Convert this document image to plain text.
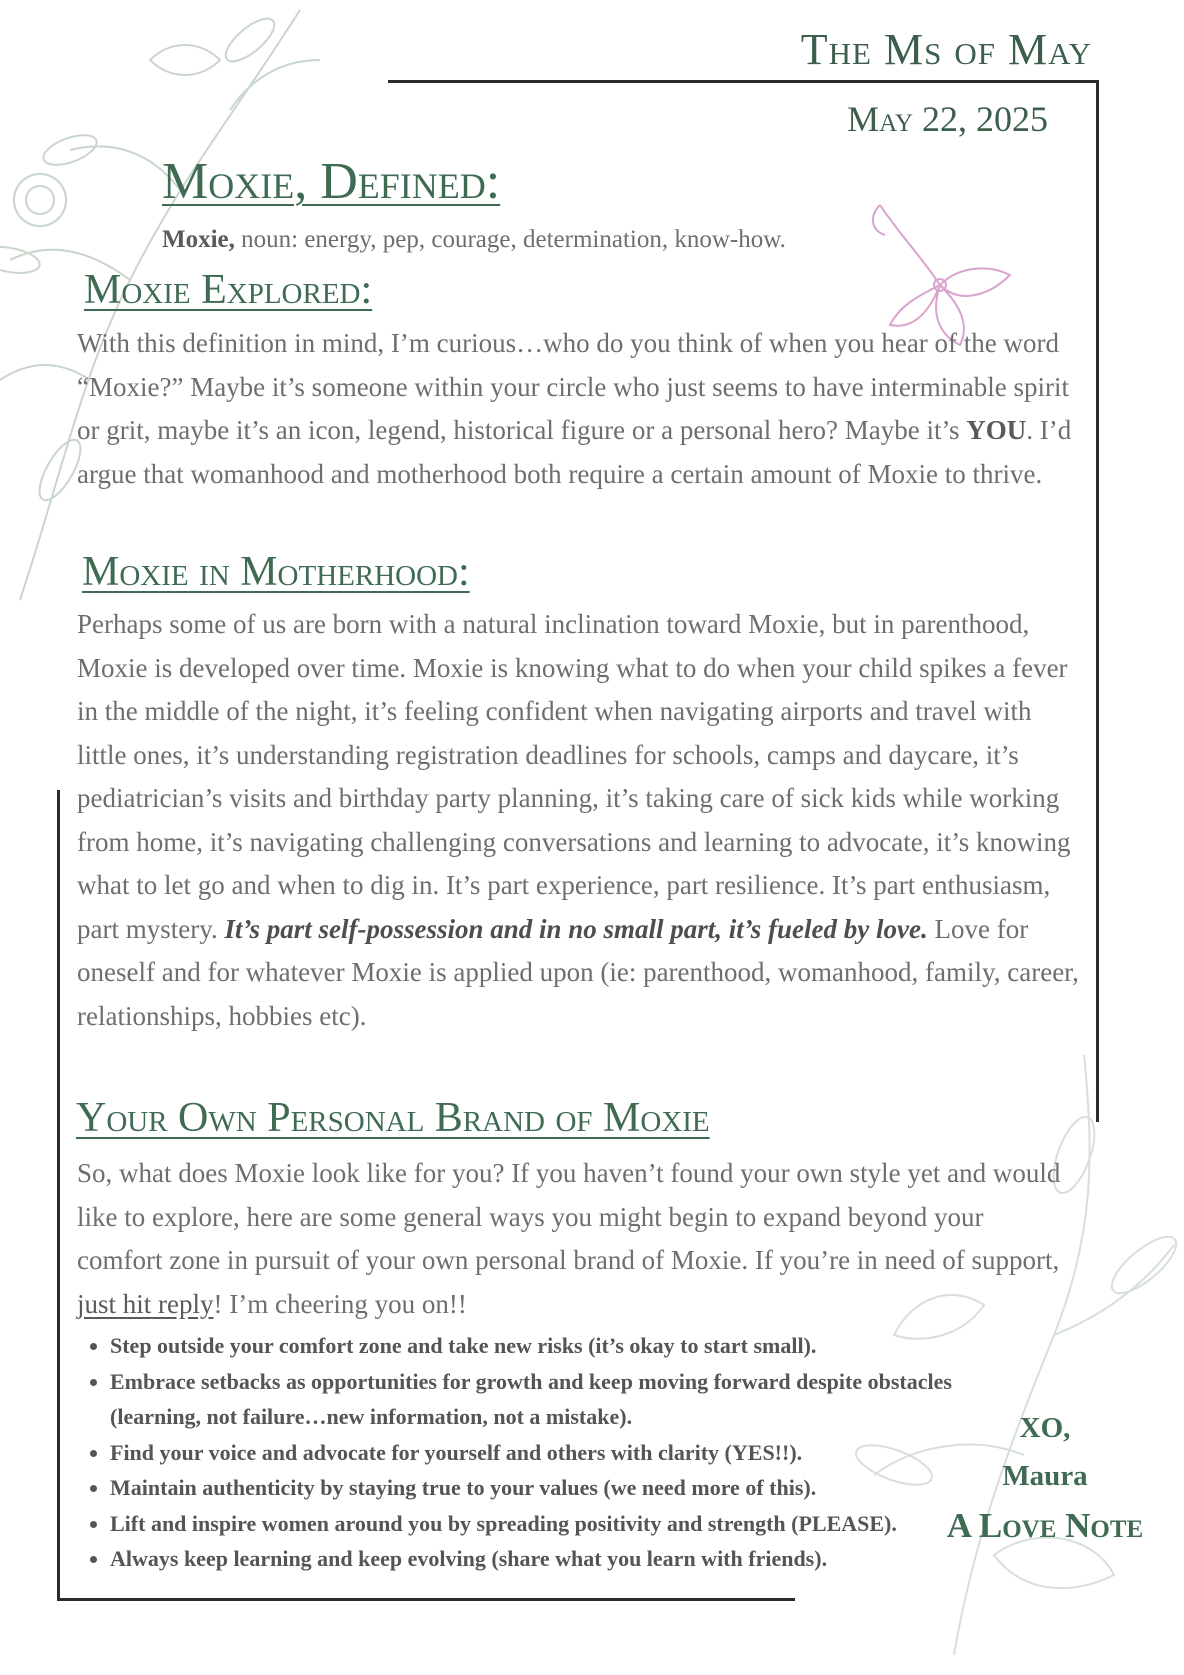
The Ms of May
May 22, 2025
Moxie, Defined:

Moxie, noun: energy, pep, courage, determination, know-how.

Moxie Explored:

With this definition in mind, I’m curious…who do you think of when you hear of the word “Moxie?” Maybe it’s someone within your circle who just seems to have interminable spirit or grit, maybe it’s an icon, legend, historical figure or a personal hero? Maybe it’s YOU. I’d argue that womanhood and motherhood both require a certain amount of Moxie to thrive.

Moxie in Motherhood:

Perhaps some of us are born with a natural inclination toward Moxie, but in parenthood, Moxie is developed over time. Moxie is knowing what to do when your child spikes a fever in the middle of the night, it’s feeling confident when navigating airports and travel with little ones, it’s understanding registration deadlines for schools, camps and daycare, it’s pediatrician’s visits and birthday party planning, it’s taking care of sick kids while working from home, it’s navigating challenging conversations and learning to advocate, it’s knowing what to let go and when to dig in. It’s part experience, part resilience. It’s part enthusiasm, part mystery. It’s part self-possession and in no small part, it’s fueled by love. Love for oneself and for whatever Moxie is applied upon (ie: parenthood, womanhood, family, career, relationships, hobbies etc).

Your Own Personal Brand of Moxie

So, what does Moxie look like for you? If you haven’t found your own style yet and would like to explore, here are some general ways you might begin to expand beyond your comfort zone in pursuit of your own personal brand of Moxie. If you’re in need of support, just hit reply! I’m cheering you on!!

• Step outside your comfort zone and take new risks (it’s okay to start small).
• Embrace setbacks as opportunities for growth and keep moving forward despite obstacles (learning, not failure…new information, not a mistake).
• Find your voice and advocate for yourself and others with clarity (YES!!).
• Maintain authenticity by staying true to your values (we need more of this).
• Lift and inspire women around you by spreading positivity and strength (PLEASE).
• Always keep learning and keep evolving (share what you learn with friends).
XO,
Maura
A Love Note
